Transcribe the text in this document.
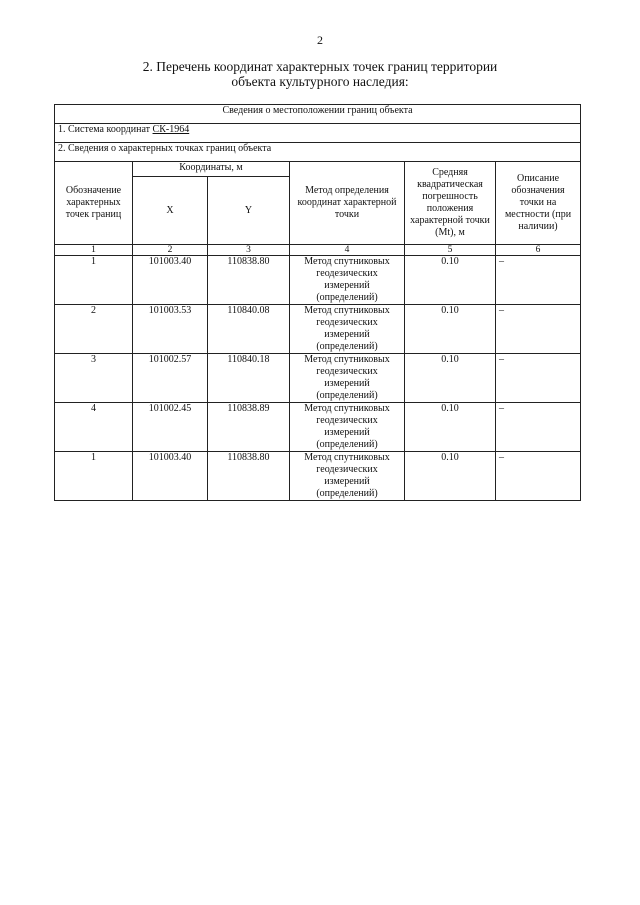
2
2. Перечень координат характерных точек границ территории
объекта культурного наследия:
Сведения о местоположении границ объекта					
1. Система координат СК-1964					
2. Сведения о характерных точках границ объекта					
Обозначение характерных точек границ	Координаты, м		Метод определения координат характерной точки	Средняя квадратическая погрешность положения характерной точки (Mt), м	Описание обозначения точки на местности (при наличии)
	X	Y			
1	2	3	4	5	6
1	101003.40	110838.80	Метод спутниковых геодезических измерений (определений)	0.10	–
2	101003.53	110840.08	Метод спутниковых геодезических измерений (определений)	0.10	–
3	101002.57	110840.18	Метод спутниковых геодезических измерений (определений)	0.10	–
4	101002.45	110838.89	Метод спутниковых геодезических измерений (определений)	0.10	–
1	101003.40	110838.80	Метод спутниковых геодезических измерений (определений)	0.10	–
